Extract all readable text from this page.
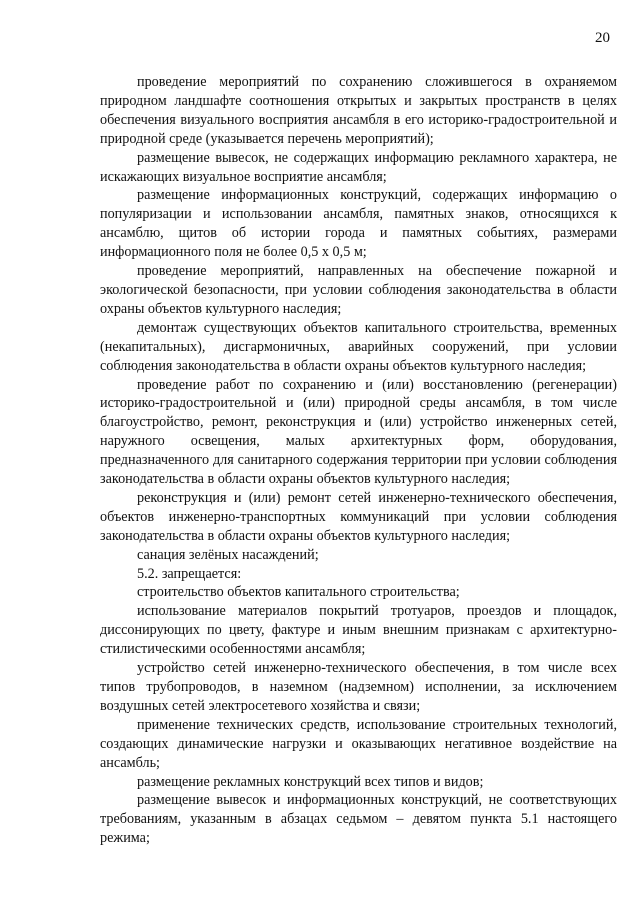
20

проведение мероприятий по сохранению сложившегося в охраняемом природном ландшафте соотношения открытых и закрытых пространств в целях обеспечения визуального восприятия ансамбля в его историко-градостроительной и природной среде (указывается перечень мероприятий);

размещение вывесок, не содержащих информацию рекламного характера, не искажающих визуальное восприятие ансамбля;

размещение информационных конструкций, содержащих информацию о популяризации и использовании ансамбля, памятных знаков, относящихся к ансамблю, щитов об истории города и памятных событиях, размерами информационного поля не более 0,5 x 0,5 м;

проведение мероприятий, направленных на обеспечение пожарной и экологической безопасности, при условии соблюдения законодательства в области охраны объектов культурного наследия;

демонтаж существующих объектов капитального строительства, временных (некапитальных), дисгармоничных, аварийных сооружений, при условии соблюдения законодательства в области охраны объектов культурного наследия;

проведение работ по сохранению и (или) восстановлению (регенерации) историко-градостроительной и (или) природной среды ансамбля, в том числе благоустройство, ремонт, реконструкция и (или) устройство инженерных сетей, наружного освещения, малых архитектурных форм, оборудования, предназначенного для санитарного содержания территории при условии соблюдения законодательства в области охраны объектов культурного наследия;

реконструкция и (или) ремонт сетей инженерно-технического обеспечения, объектов инженерно-транспортных коммуникаций при условии соблюдения законодательства в области охраны объектов культурного наследия;

санация зелёных насаждений;

5.2. запрещается:

строительство объектов капитального строительства;

использование материалов покрытий тротуаров, проездов и площадок, диссонирующих по цвету, фактуре и иным внешним признакам с архитектурно-стилистическими особенностями ансамбля;

устройство сетей инженерно-технического обеспечения, в том числе всех типов трубопроводов, в наземном (надземном) исполнении, за исключением воздушных сетей электросетевого хозяйства и связи;

применение технических средств, использование строительных технологий, создающих динамические нагрузки и оказывающих негативное воздействие на ансамбль;

размещение рекламных конструкций всех типов и видов;

размещение вывесок и информационных конструкций, не соответствующих требованиям, указанным в абзацах седьмом – девятом пункта 5.1 настоящего режима;
